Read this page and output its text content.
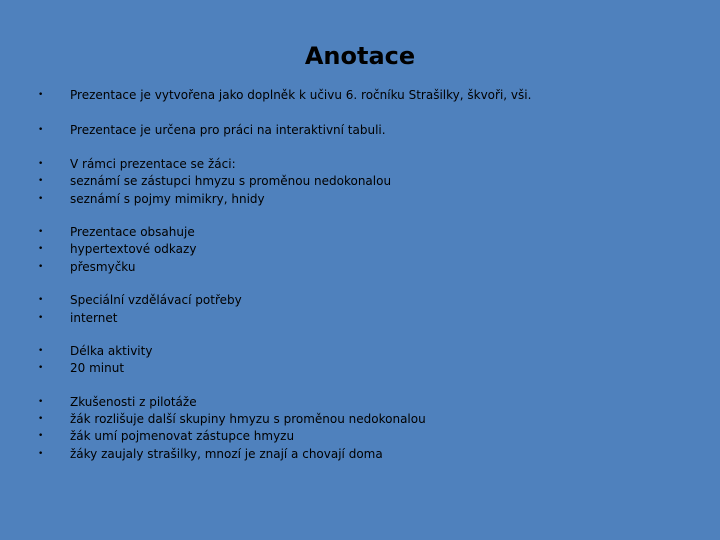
Anotace
•	Prezentace je vytvořena jako doplněk k učivu 6. ročníku Strašilky, škvoři, vši.
•	Prezentace je určena pro práci na interaktivní tabuli.
•	V rámci prezentace se žáci:
•	seznámí se zástupci hmyzu s proměnou nedokonalou
•	seznámí s pojmy mimikry, hnidy
•	Prezentace obsahuje
•	hypertextové odkazy
•	přesmyčku
•	Speciální vzdělávací potřeby
•	internet
•	Délka aktivity
•	20 minut
•	Zkušenosti z pilotáže
•	žák rozlišuje další skupiny hmyzu s proměnou nedokonalou
•	žák umí pojmenovat zástupce hmyzu
•	žáky zaujaly strašilky, mnozí je znají a chovají doma
